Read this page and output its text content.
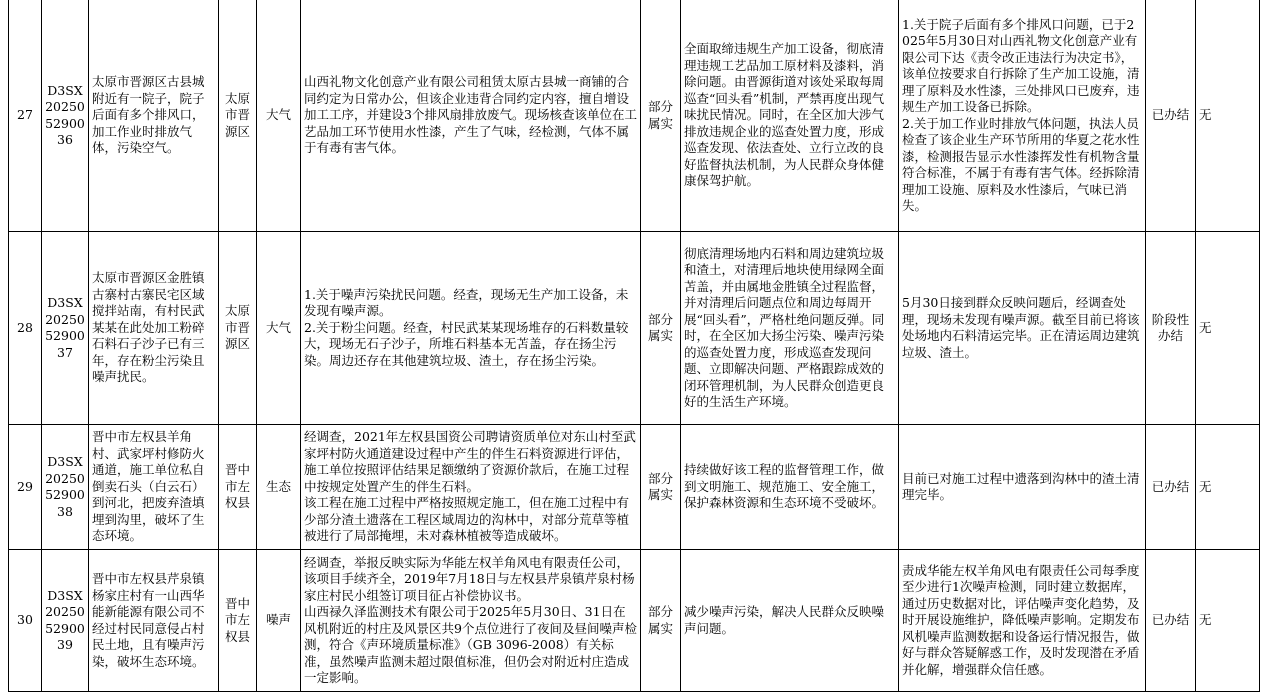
27	D3SX2025052900 36	太原市晋源区古县城附近有一院子，院子后面有多个排风口，加工作业时排放气体，污染空气。	太原市晋源区	大气	山西礼物文化创意产业有限公司租赁太原古县城一商铺的合同约定为日常办公，但该企业违背合同约定内容，擅自增设加工工序，并建设3个排风扇排放废气。现场核查该单位在工艺品加工环节使用水性漆，产生了气味，经检测，气体不属于有毒有害气体。	部分属实	全面取缔违规生产加工设备，彻底清理违规工艺品加工原材料及漆料，消除问题。由晋源街道对该处采取每周巡查“回头看”机制，严禁再度出现气味扰民情况。同时，在全区加大涉气排放违规企业的巡查处置力度，形成巡查发现、依法查处、立行立改的良好监督执法机制，为人民群众身体健康保驾护航。	1.关于院子后面有多个排风口问题，已于2025年5月30日对山西礼物文化创意产业有限公司下达《责令改正违法行为决定书》，该单位按要求自行拆除了生产加工设施，清理了原料及水性漆，三处排风口已废弃，违规生产加工设备已拆除。
2.关于加工作业时排放气体问题，执法人员检查了该企业生产环节所用的华夏之花水性漆，检测报告显示水性漆挥发性有机物含量符合标准，不属于有毒有害气体。经拆除清理加工设施、原料及水性漆后，气味已消失。	已办结	无
28	D3SX2025052900 37	太原市晋源区金胜镇古寨村古寨民宅区域搅拌站南，有村民武某某在此处加工粉碎石料石子沙子已有三年，存在粉尘污染且噪声扰民。	太原市晋源区	大气	1.关于噪声污染扰民问题。经查，现场无生产加工设备，未发现有噪声源。
2.关于粉尘问题。经查，村民武某某现场堆存的石料数量较大，现场无石子沙子，所堆石料基本无苫盖，存在扬尘污染。周边还存在其他建筑垃圾、渣土，存在扬尘污染。	部分属实	彻底清理场地内石料和周边建筑垃圾和渣土，对清理后地块使用绿网全面苫盖，并由属地金胜镇全过程监督，并对清理后问题点位和周边每周开展“回头看”，严格杜绝问题反弹。同时，在全区加大扬尘污染、噪声污染的巡查处置力度，形成巡查发现问题、立即解决问题、严格跟踪成效的闭环管理机制，为人民群众创造更良好的生活生产环境。	5月30日接到群众反映问题后，经调查处理，现场未发现有噪声源。截至目前已将该处场地内石料清运完毕。正在清运周边建筑垃圾、渣土。	阶段性办结	无
29	D3SX2025052900 38	晋中市左权县羊角村、武家坪村修防火通道，施工单位私自倒卖石头（白云石）到河北，把废弃渣填埋到沟里，破坏了生态环境。	晋中市左权县	生态	经调查，2021年左权县国资公司聘请资质单位对东山村至武家坪村防火通道建设过程中产生的伴生石料资源进行评估，施工单位按照评估结果足额缴纳了资源价款后，在施工过程中按规定处置产生的伴生石料。
该工程在施工过程中严格按照规定施工，但在施工过程中有少部分渣土遗落在工程区域周边的沟林中，对部分荒草等植被进行了局部掩埋，未对森林植被等造成破坏。	部分属实	持续做好该工程的监督管理工作，做到文明施工、规范施工、安全施工，保护森林资源和生态环境不受破坏。	目前已对施工过程中遗落到沟林中的渣土清理完毕。	已办结	无
30	D3SX2025052900 39	晋中市左权县芹泉镇杨家庄村有一山西华能新能源有限公司不经过村民同意侵占村民土地，且有噪声污染，破坏生态环境。	晋中市左权县	噪声	经调查，举报反映实际为华能左权羊角风电有限责任公司，该项目手续齐全，2019年7月18日与左权县芹泉镇芹泉村杨家庄村民小组签订项目征占补偿协议书。
山西禄久泽监测技术有限公司于2025年5月30日、31日在风机附近的村庄及风景区共9个点位进行了夜间及昼间噪声检测，符合《声环境质量标准》（GB 3096-2008）有关标准，虽然噪声监测未超过限值标准，但仍会对附近村庄造成一定影响。	部分属实	减少噪声污染，解决人民群众反映噪声问题。	责成华能左权羊角风电有限责任公司每季度至少进行1次噪声检测，同时建立数据库，通过历史数据对比，评估噪声变化趋势，及时开展设施维护，降低噪声影响。定期发布风机噪声监测数据和设备运行情况报告，做好与群众答疑解惑工作，及时发现潜在矛盾并化解，增强群众信任感。	已办结	无
